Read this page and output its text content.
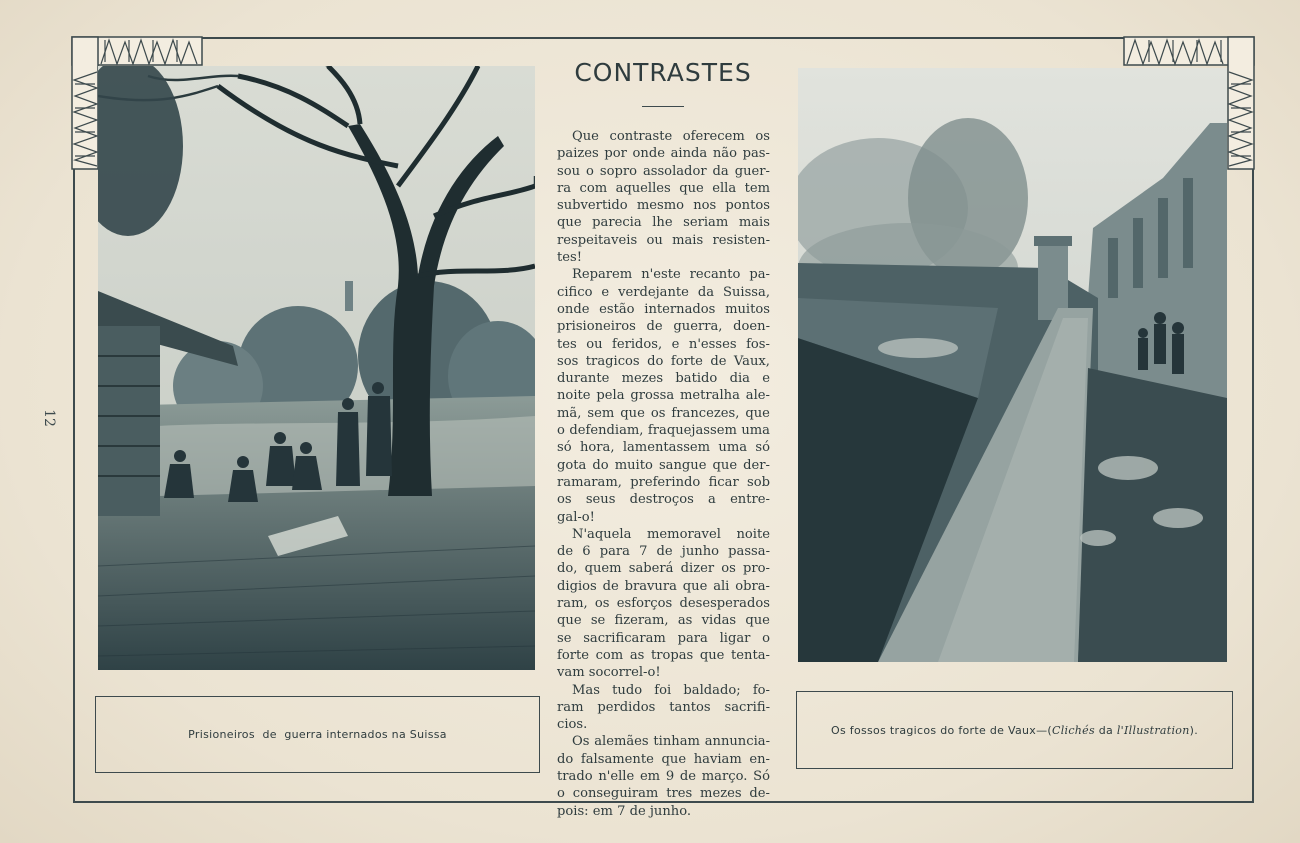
12
Prisioneiros  de  guerra internados na Suissa
CONTRASTES
Que contraste oferecem os
paizes por onde ainda não pas-
sou o sopro assolador da guer-
ra com aquelles que ella tem
subvertido mesmo nos pontos
que parecia lhe seriam mais
respeitaveis ou mais resisten-
tes!
Reparem n'este recanto pa-
cifico e verdejante da Suissa,
onde estão internados muitos
prisioneiros de guerra, doen-
tes ou feridos, e n'esses fos-
sos tragicos do forte de Vaux,
durante mezes batido dia e
noite pela grossa metralha ale-
mã, sem que os francezes, que
o defendiam, fraquejassem uma
só hora, lamentassem uma só
gota do muito sangue que der-
ramaram, preferindo ficar sob
os seus destroços a entre-
gal-o!
N'aquela memoravel noite
de 6 para 7 de junho passa-
do, quem saberá dizer os pro-
digios de bravura que ali obra-
ram, os esforços desesperados
que se fizeram, as vidas que
se sacrificaram para ligar o
forte com as tropas que tenta-
vam socorrel-o!
Mas tudo foi baldado; fo-
ram perdidos tantos sacrifi-
cios.
Os alemães tinham annuncia-
do falsamente que haviam en-
trado n'elle em 9 de março. Só
o conseguiram tres mezes de-
pois: em 7 de junho.
Os fossos tragicos do forte de Vaux—(Clichés da l'Illustration).
